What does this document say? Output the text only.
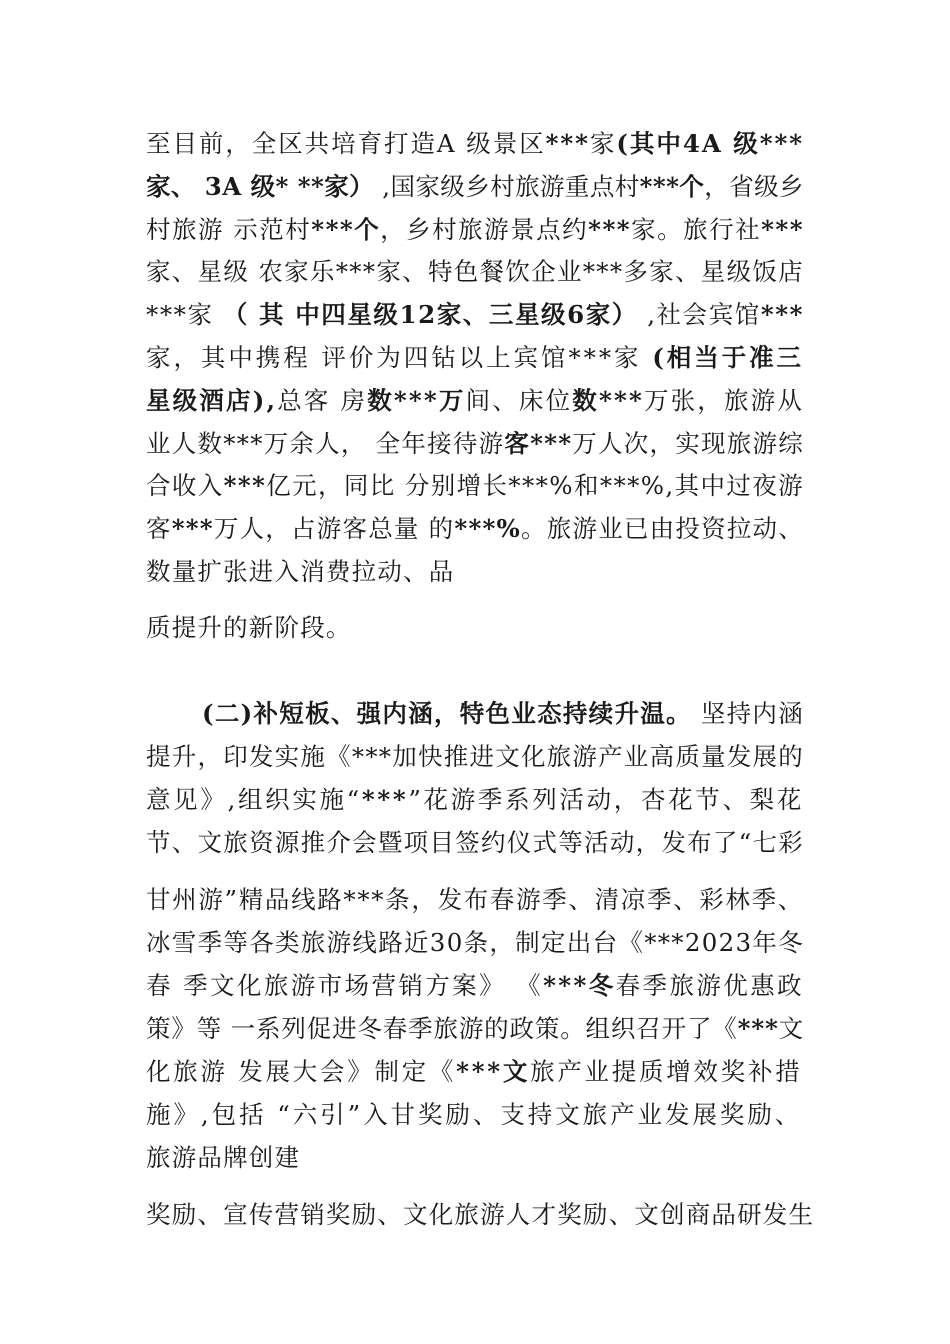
至目前，全区共培育打造A 级景区***家(其中4A 级***
家、 3A 级* **家） ,国家级乡村旅游重点村***个，省级乡
村旅游 示范村***个，乡村旅游景点约***家。旅行社***
家、星级 农家乐***家、特色餐饮企业***多家、星级饭店
***家 （ 其 中四星级12家、三星级6家） ,社会宾馆***
家，其中携程 评价为四钻以上宾馆***家 (相当于准三
星级酒店),总客 房数***万间、床位数***万张，旅游从
业人数***万余人， 全年接待游客***万人次，实现旅游综
合收入***亿元，同比 分别增长***%和***%,其中过夜游
客***万人，占游客总量 的***%。旅游业已由投资拉动、
数量扩张进入消费拉动、品
质提升的新阶段。
(二)补短板、强内涵，特色业态持续升温。 坚持内涵
提升，印发实施《***加快推进文化旅游产业高质量发展的
意见》,组织实施“***”花游季系列活动，杏花节、梨花
节、文旅资源推介会暨项目签约仪式等活动，发布了“七彩
甘州游”精品线路***条，发布春游季、清凉季、彩林季、
冰雪季等各类旅游线路近30条，制定出台《***2023年冬
春 季文化旅游市场营销方案》 《***冬春季旅游优惠政
策》等 一系列促进冬春季旅游的政策。组织召开了《***文
化旅游 发展大会》制定《***文旅产业提质增效奖补措
施》,包括 “六引”入甘奖励、支持文旅产业发展奖励、
旅游品牌创建
奖励、宣传营销奖励、文化旅游人才奖励、文创商品研发生
